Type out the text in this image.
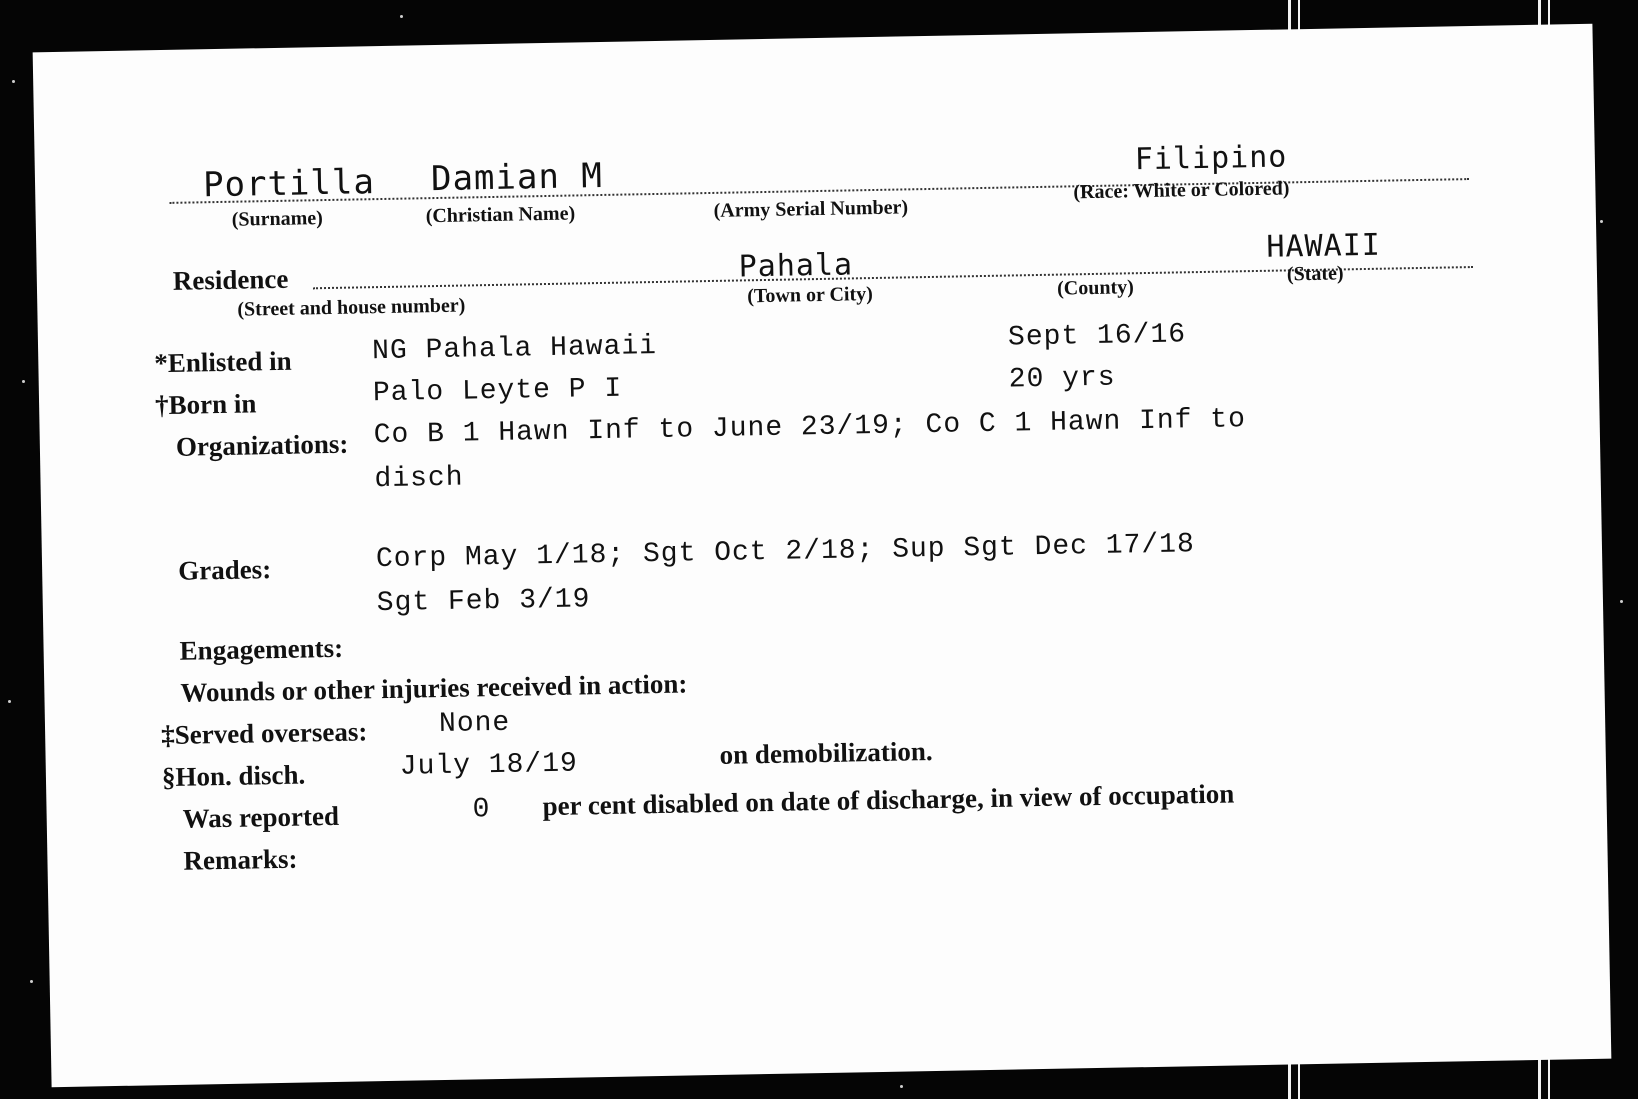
Portilla
(Surname)
Damian M
(Christian Name)	(Army Serial Number)
Filipino
(Race: White or Colored)
Residence
(Street and house number)
Pahala
(Town or City)	(County)
HAWAII
(State)
*Enlisted in	NG Pahala Hawaii	Sept 16/16
†Born in	Palo Leyte P I	20 yrs
Organizations: Co B 1 Hawn Inf to June 23/19; Co C 1 Hawn Inf to
disch
Grades:	Corp May 1/18; Sgt Oct 2/18; Sup Sgt Dec 17/18
Sgt Feb 3/19
Engagements:
Wounds or other injuries received in action:
‡Served overseas:	None
§Hon. disch.	July 18/19	on demobilization.
Was reported	0 per cent disabled on date of discharge, in view of occupation
Remarks:
